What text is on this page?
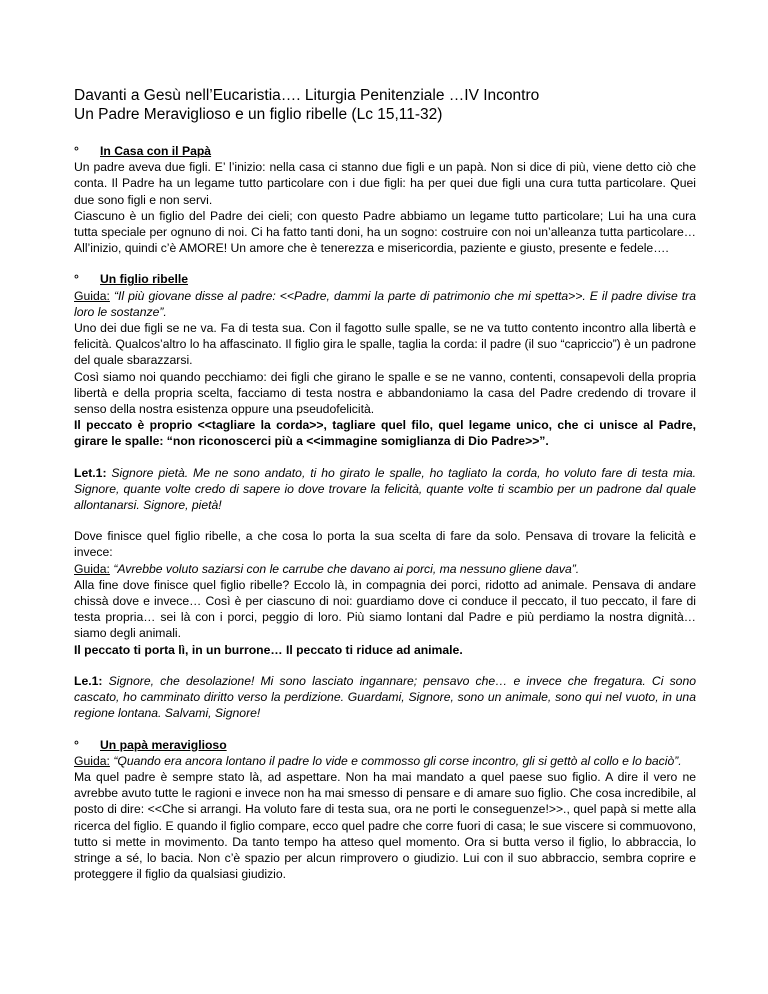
Davanti a Gesù nell’Eucaristia…. Liturgia Penitenziale …IV Incontro
Un Padre Meraviglioso e un figlio ribelle (Lc 15,11-32)
°	In Casa con il Papà

Un padre aveva due figli. E’ l’inizio: nella casa ci stanno due figli e un papà. Non si dice di più, viene detto ciò che conta. Il Padre ha un legame tutto particolare con i due figli: ha per quei due figli una cura tutta particolare. Quei due sono figli e non servi.

Ciascuno è un figlio del Padre dei cieli; con questo Padre abbiamo un legame tutto particolare; Lui ha una cura tutta speciale per ognuno di noi. Ci ha fatto tanti doni, ha un sogno: costruire con noi un’alleanza tutta particolare… All’inizio, quindi c’è AMORE! Un amore che è tenerezza e misericordia, paziente e giusto, presente e fedele….

°	Un figlio ribelle

Guida: “Il più giovane disse al padre: <<Padre, dammi la parte di patrimonio che mi spetta>>. E il padre divise tra loro le sostanze”.

Uno dei due figli se ne va. Fa di testa sua. Con il fagotto sulle spalle, se ne va tutto contento incontro alla libertà e felicità. Qualcos’altro lo ha affascinato. Il figlio gira le spalle, taglia la corda: il padre (il suo “capriccio”) è un padrone del quale sbarazzarsi.

Così siamo noi quando pecchiamo: dei figli che girano le spalle e se ne vanno, contenti, consapevoli della propria libertà e della propria scelta, facciamo di testa nostra e abbandoniamo la casa del Padre credendo di trovare il senso della nostra esistenza oppure una pseudofelicità.

Il peccato è proprio <<tagliare la corda>>, tagliare quel filo, quel legame unico, che ci unisce al Padre, girare le spalle: “non riconoscerci più a <<immagine somiglianza di Dio Padre>>”.

Let.1: Signore pietà. Me ne sono andato, ti ho girato le spalle, ho tagliato la corda, ho voluto fare di testa mia. Signore, quante volte credo di sapere io dove trovare la felicità, quante volte ti scambio per un padrone dal quale allontanarsi. Signore, pietà!

Dove finisce quel figlio ribelle, a che cosa lo porta la sua scelta di fare da solo. Pensava di trovare la felicità e invece:

Guida: “Avrebbe voluto saziarsi con le carrube che davano ai porci, ma nessuno gliene dava”.

Alla fine dove finisce quel figlio ribelle? Eccolo là, in compagnia dei porci, ridotto ad animale. Pensava di andare chissà dove e invece… Così è per ciascuno di noi: guardiamo dove ci conduce il peccato, il tuo peccato, il fare di testa propria… sei là con i porci, peggio di loro. Più siamo lontani dal Padre e più perdiamo la nostra dignità…siamo degli animali.

Il peccato ti porta lì, in un burrone… Il peccato ti riduce ad animale.

Le.1: Signore, che desolazione! Mi sono lasciato ingannare; pensavo che… e invece che fregatura. Ci sono cascato, ho camminato diritto verso la perdizione. Guardami, Signore, sono un animale, sono qui nel vuoto, in una regione lontana. Salvami, Signore!

°	Un papà meraviglioso

Guida: “Quando era ancora lontano il padre lo vide e commosso gli corse incontro, gli si gettò al collo e lo baciò”.

Ma quel padre è sempre stato là, ad aspettare. Non ha mai mandato a quel paese suo figlio. A dire il vero ne avrebbe avuto tutte le ragioni e invece non ha mai smesso di pensare e di amare suo figlio. Che cosa incredibile, al posto di dire: <<Che si arrangi. Ha voluto fare di testa sua, ora ne porti le conseguenze!>>., quel papà si mette alla ricerca del figlio. E quando il figlio compare, ecco quel padre che corre fuori di casa; le sue viscere si commuovono, tutto si mette in movimento. Da tanto tempo ha atteso quel momento. Ora si butta verso il figlio, lo abbraccia, lo stringe a sé, lo bacia. Non c’è spazio per alcun rimprovero o giudizio. Lui con il suo abbraccio, sembra coprire e proteggere il figlio da qualsiasi giudizio.
